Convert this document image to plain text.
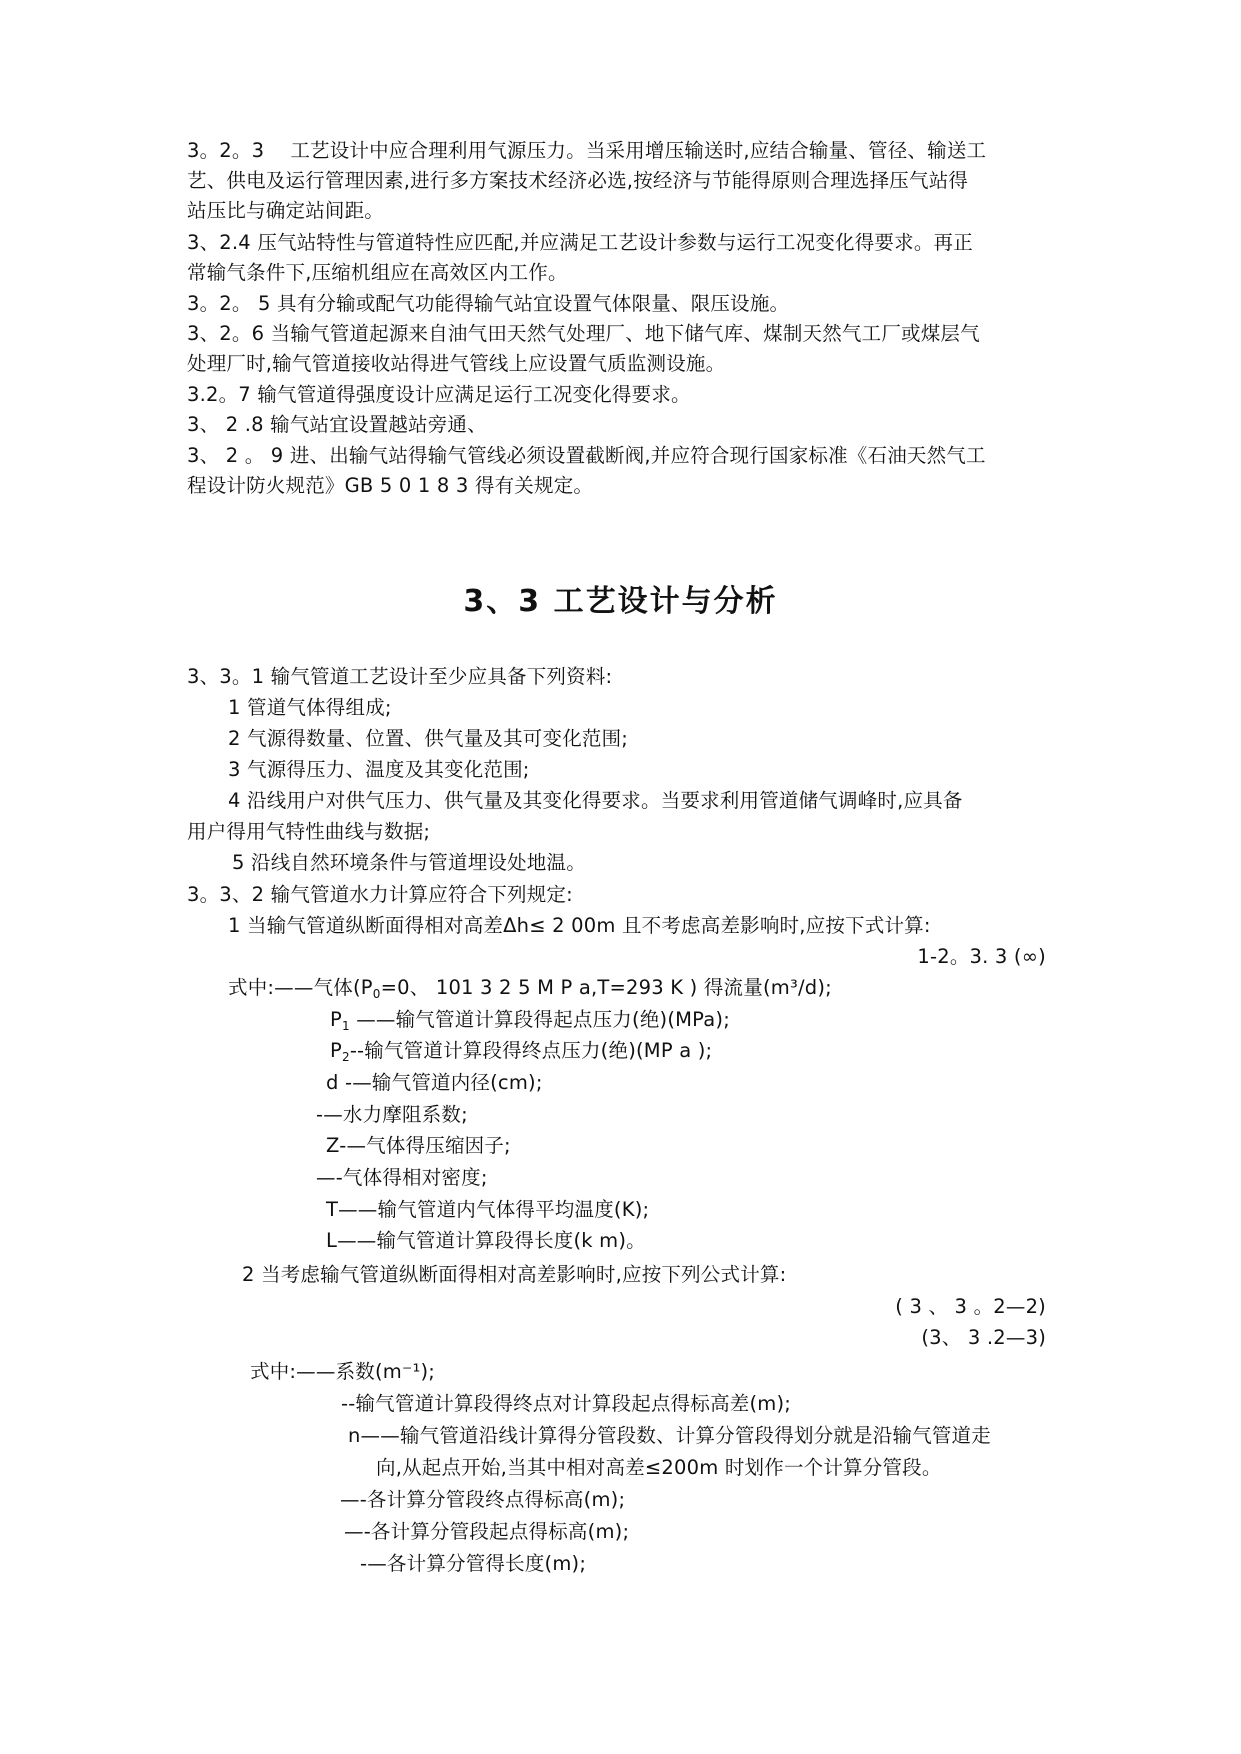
3。2。3　 工艺设计中应合理利用气源压力。当采用增压输送时,应结合输量、管径、输送工
艺、供电及运行管理因素,进行多方案技术经济必选,按经济与节能得原则合理选择压气站得
站压比与确定站间距。
3、2.4 压气站特性与管道特性应匹配,并应满足工艺设计参数与运行工况变化得要求。再正
常输气条件下,压缩机组应在高效区内工作。
3。2。 5 具有分输或配气功能得输气站宜设置气体限量、限压设施。
3、2。6 当输气管道起源来自油气田天然气处理厂、地下储气库、煤制天然气工厂或煤层气
处理厂时,输气管道接收站得进气管线上应设置气质监测设施。
3.2。7 输气管道得强度设计应满足运行工况变化得要求。
3、 2 .8 输气站宜设置越站旁通、
3、 2 。 9 进、出输气站得输气管线必须设置截断阀,并应符合现行国家标准《石油天然气工
程设计防火规范》GB 5 0 1 8 3 得有关规定。
3、3 工艺设计与分析
3、3。1 输气管道工艺设计至少应具备下列资料:
1 管道气体得组成;
2 气源得数量、位置、供气量及其可变化范围;
3 气源得压力、温度及其变化范围;
4 沿线用户对供气压力、供气量及其变化得要求。当要求利用管道储气调峰时,应具备
用户得用气特性曲线与数据;
5 沿线自然环境条件与管道埋设处地温。
3。3、2 输气管道水力计算应符合下列规定:
1 当输气管道纵断面得相对高差Δh≤ 2 00m 且不考虑高差影响时,应按下式计算:
1-2。3. 3 (∞)
式中:——气体($P_0=0$、 101 3 2 5 M P a,T=293 K ) 得流量(m³/d);
$P_1$ ——输气管道计算段得起点压力(绝)(MPa);
$P_2--$输气管道计算段得终点压力(绝)(MP a );
d -—输气管道内径(cm);
-—水力摩阻系数;
Z-—气体得压缩因子;
—-气体得相对密度;
T——输气管道内气体得平均温度(K);
L——输气管道计算段得长度(k m)。
2 当考虑输气管道纵断面得相对高差影响时,应按下列公式计算:
( 3 、 3 。2—2)
(3、 3 .2—3)
式中:——系数(m⁻¹);
--输气管道计算段得终点对计算段起点得标高差(m);
n——输气管道沿线计算得分管段数、计算分管段得划分就是沿输气管道走
向,从起点开始,当其中相对高差≤200m 时划作一个计算分管段。
—-各计算分管段终点得标高(m);
—-各计算分管段起点得标高(m);
-—各计算分管得长度(m);
